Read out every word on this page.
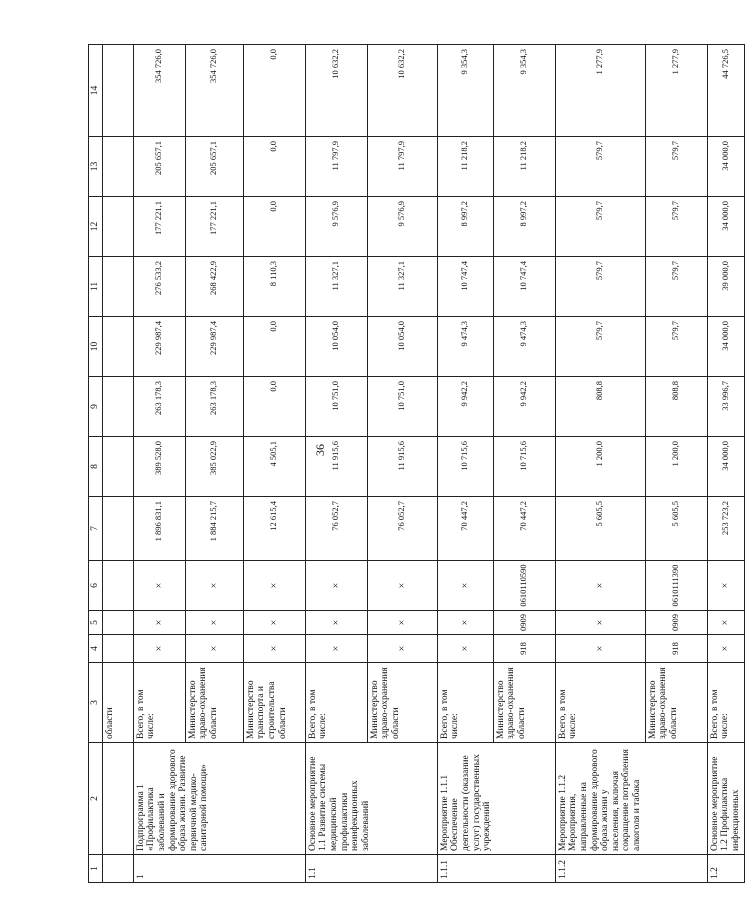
36
1	2	3	4	5	6	7	8	9	10	11	12	13	14
		области											
1	Подпрограмма 1 «Профилактика заболеваний и формирование здорового образа жизни. Развитие первичной медико-санитарной помощи»	Всего, в том числе:	×	×	×	1 896 831,1	389 528,0	263 178,3	229 987,4	276 533,2	177 221,1	205 657,1	354 726,0
		Министерство здраво-охранения области	×	×	×	1 884 215,7	385 022,9	263 178,3	229 987,4	268 422,9	177 221,1	205 657,1	354 726,0
		Министерство транспорта и строительства области	×	×	×	12 615,4	4 505,1	0,0	0,0	8 110,3	0,0	0,0	0,0
1.1	Основное мероприятие 1.1 Развитие системы медицинской профилактики неинфекционных заболеваний	Всего, в том числе:	×	×	×	76 052,7	11 915,6	10 751,0	10 054,0	11 327,1	9 576,9	11 797,9	10 632,2
		Министерство здраво-охранения области	×	×	×	76 052,7	11 915,6	10 751,0	10 054,0	11 327,1	9 576,9	11 797,9	10 632,2
1.1.1	Мероприятие 1.1.1 Обеспечение деятельности (оказание услуг) государственных учреждений	Всего, в том числе:	×	×	×	70 447,2	10 715,6	9 942,2	9 474,3	10 747,4	8 997,2	11 218,2	9 354,3
		Министерство здраво-охранения области	918	0909	0610110590	70 447,2	10 715,6	9 942,2	9 474,3	10 747,4	8 997,2	11 218,2	9 354,3
1.1.2	Мероприятие 1.1.2 Мероприятия, направленные на формирование здорового образа жизни у населения, включая сокращение потребления алкоголя и табака	Всего, в том числе:	×	×	×	5 605,5	1 200,0	808,8	579,7	579,7	579,7	579,7	1 277,9
		Министерство здраво-охранения области	918	0909	0610111390	5 605,5	1 200,0	808,8	579,7	579,7	579,7	579,7	1 277,9
1.2	Основное мероприятие 1.2 Профилактика инфекционных	Всего, в том числе:	×	×	×	253 723,2	34 000,0	33 996,7	34 000,0	39 000,0	34 000,0	34 000,0	44 726,5
